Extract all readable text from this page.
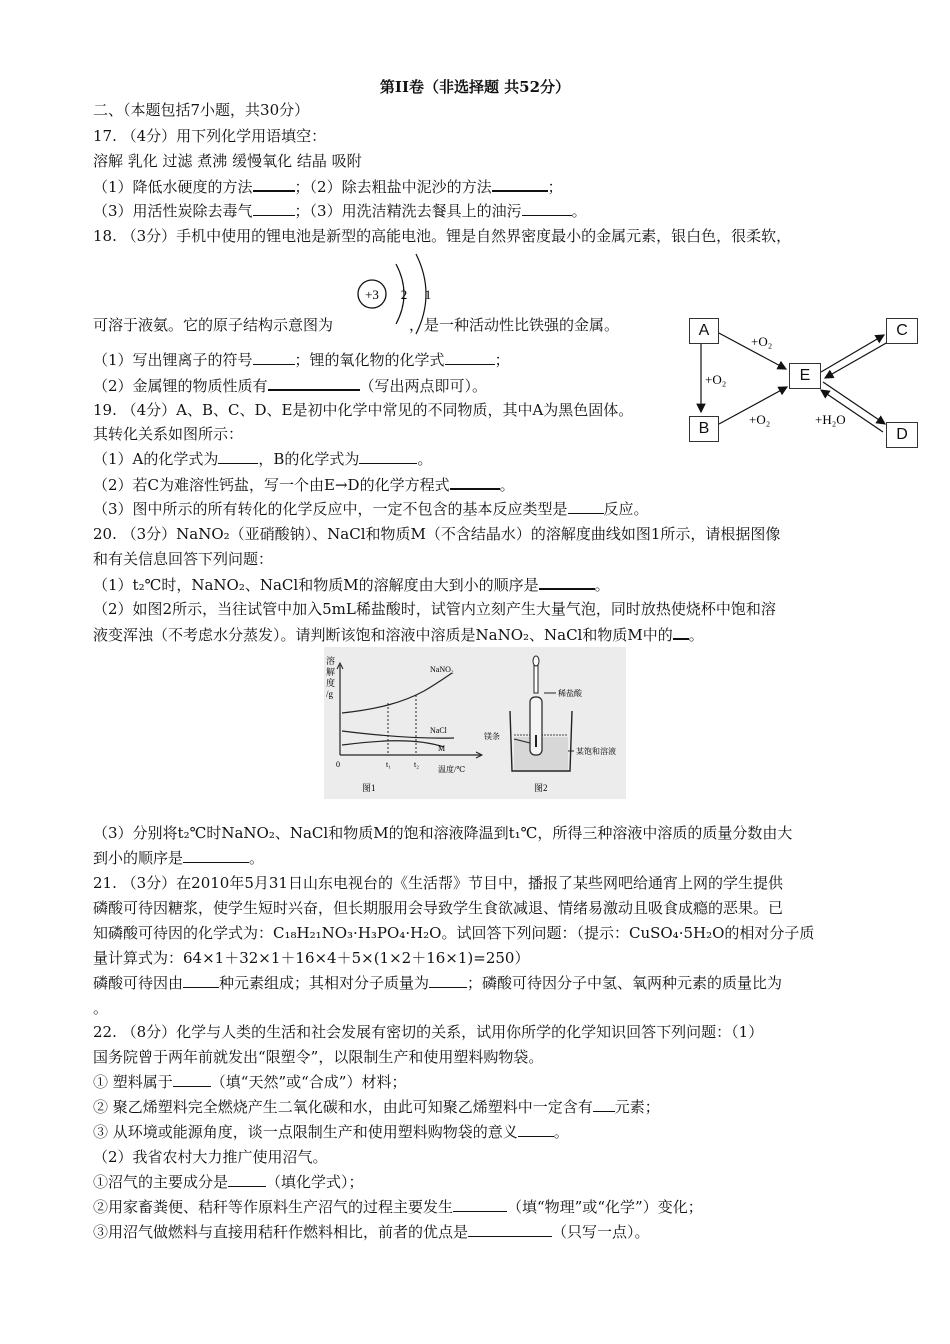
第II卷（非选择题 共52分）
二、（本题包括7小题，共30分）
17. （4分）用下列化学用语填空：
溶解 乳化 过滤 煮沸 缓慢氧化 结晶 吸附
（1）降低水硬度的方法	；（2）除去粗盐中泥沙的方法	；
（3）用活性炭除去毒气	；（3）用洗洁精洗去餐具上的油污	。
18. （3分）手机中使用的锂电池是新型的高能电池。锂是自然界密度最小的金属元素，银白色，很柔软，
+3 2 1
可溶于液氨。它的原子结构示意图为	，是一种活动性比铁强的金属。
（1）写出锂离子的符号	；锂的氧化物的化学式	；
（2）金属锂的物质性质有	（写出两点即可）。
+O₂
+O₂
+O₂	+H₂O
A
B
E
C
D
19. （4分）A、B、C、D、E是初中化学中常见的不同物质，其中A为黑色固体。
其转化关系如图所示：
（1）A的化学式为	，B的化学式为	。
（2）若C为难溶性钙盐，写一个由E→D的化学方程式	。
（3）图中所示的所有转化的化学反应中，一定不包含的基本反应类型是 反应。
20. （3分）NaNO₂（亚硝酸钠）、NaCl和物质M（不含结晶水）的溶解度曲线如图1所示，请根据图像
和有关信息回答下列问题：
（1）t₂℃时，NaNO₂、NaCl和物质M的溶解度由大到小的顺序是	。
（2）如图2所示，当往试管中加入5mL稀盐酸时，试管内立刻产生大量气泡，同时放热使烧杯中饱和溶
液变浑浊（不考虑水分蒸发）。请判断该饱和溶液中溶质是NaNO₂、NaCl和物质M中的 。
溶
解
度
/g
NaNO₂
NaCl
M
0	t₁	t₂
温度/℃
图1
稀盐酸
镁条
某饱和溶液
图2
（3）分别将t₂℃时NaNO₂、NaCl和物质M的饱和溶液降温到t₁℃，所得三种溶液中溶质的质量分数由大
到小的顺序是	。
21. （3分）在2010年5月31日山东电视台的《生活帮》节目中，播报了某些网吧给通宵上网的学生提供
磷酸可待因糖浆，使学生短时兴奋，但长期服用会导致学生食欲减退、情绪易激动且吸食成瘾的恶果。已
知磷酸可待因的化学式为：C₁₈H₂₁NO₃·H₃PO₄·H₂O。试回答下列问题：（提示：CuSO₄·5H₂O的相对分子质
量计算式为：64×1＋32×1＋16×4＋5×(1×2＋16×1)=250）
磷酸可待因由 种元素组成；其相对分子质量为	；磷酸可待因分子中氢、氧两种元素的质量比为
。
22. （8分）化学与人类的生活和社会发展有密切的关系，试用你所学的化学知识回答下列问题：（1）
国务院曾于两年前就发出“限塑令”，以限制生产和使用塑料购物袋。
① 塑料属于	（填“天然”或“合成”）材料；
② 聚乙烯塑料完全燃烧产生二氧化碳和水，由此可知聚乙烯塑料中一定含有 元素；
③ 从环境或能源角度，谈一点限制生产和使用塑料购物袋的意义 。
（2）我省农村大力推广使用沼气。
①沼气的主要成分是	（填化学式）；
②用家畜粪便、秸秆等作原料生产沼气的过程主要发生	（填“物理”或“化学”）变化；
③用沼气做燃料与直接用秸秆作燃料相比，前者的优点是	（只写一点）。
